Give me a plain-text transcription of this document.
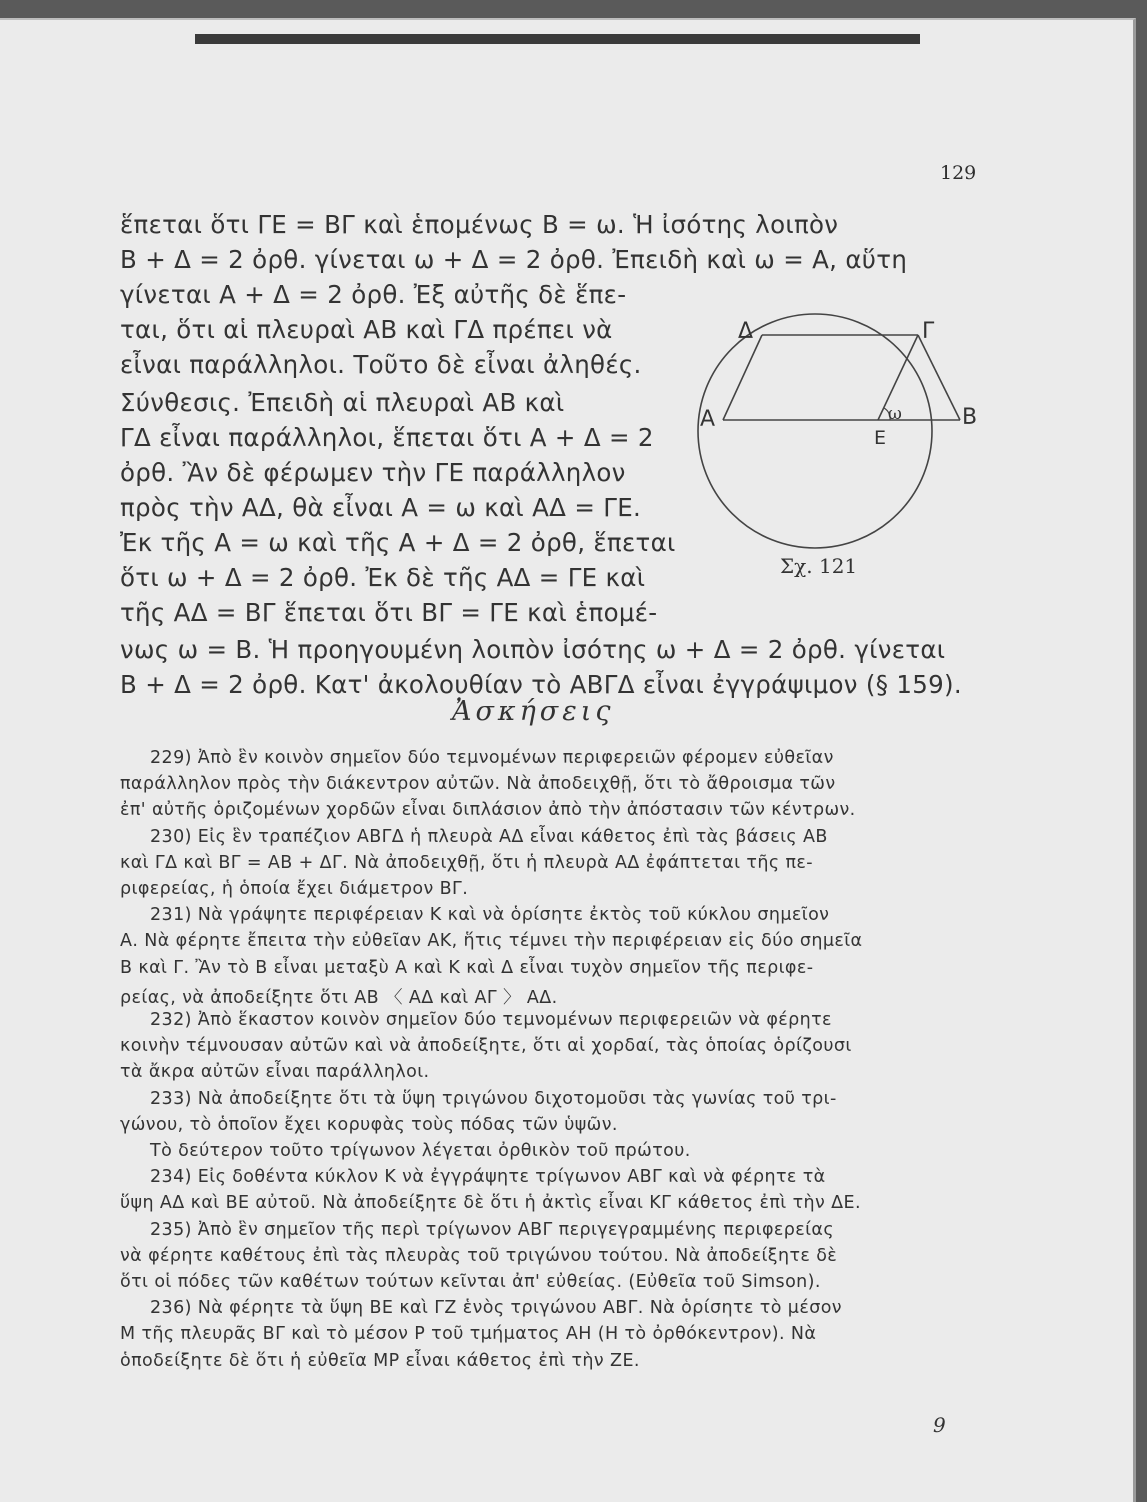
129
ἕπεται ὅτι ΓΕ = ΒΓ καὶ ἑπομένως Β = ω. Ἡ ἰσότης λοιπὸν
Β + Δ = 2 ὀρθ. γίνεται ω + Δ = 2 ὀρθ. Ἐπειδὴ καὶ ω = Α, αὕτη
γίνεται Α + Δ = 2 ὀρθ. Ἐξ αὐτῆς δὲ ἕπε-
ται, ὅτι αἱ πλευραὶ ΑΒ καὶ ΓΔ πρέπει νὰ
εἶναι παράλληλοι. Τοῦτο δὲ εἶναι ἀληθές.
Σύνθεσις. Ἐπειδὴ αἱ πλευραὶ ΑΒ καὶ
ΓΔ εἶναι παράλληλοι, ἕπεται ὅτι Α + Δ = 2
ὀρθ. Ἂν δὲ φέρωμεν τὴν ΓΕ παράλληλον
πρὸς τὴν ΑΔ, θὰ εἶναι Α = ω καὶ ΑΔ = ΓΕ.
Ἐκ τῆς Α = ω καὶ τῆς Α + Δ = 2 ὀρθ, ἕπεται
ὅτι ω + Δ = 2 ὀρθ. Ἐκ δὲ τῆς ΑΔ = ΓΕ καὶ
τῆς ΑΔ = ΒΓ ἕπεται ὅτι ΒΓ = ΓΕ καὶ ἑπομέ-
νως ω = Β. Ἡ προηγουμένη λοιπὸν ἰσότης ω + Δ = 2 ὀρθ. γίνεται
Β + Δ = 2 ὀρθ. Κατ' ἀκολουθίαν τὸ ΑΒΓΔ εἶναι ἐγγράψιμον (§ 159).
Δ	Γ
Α	Β
Ε
ω
Σχ. 121
Ἀσκήσεις
229) Ἀπὸ ἓν κοινὸν σημεῖον δύο τεμνομένων περιφερειῶν φέρομεν εὐθεῖαν
παράλληλον πρὸς τὴν διάκεντρον αὐτῶν. Νὰ ἀποδειχθῇ, ὅτι τὸ ἄθροισμα τῶν
ἐπ' αὐτῆς ὁριζομένων χορδῶν εἶναι διπλάσιον ἀπὸ τὴν ἀπόστασιν τῶν κέντρων.
230) Εἰς ἓν τραπέζιον ΑΒΓΔ ἡ πλευρὰ ΑΔ εἶναι κάθετος ἐπὶ τὰς βάσεις ΑΒ
καὶ ΓΔ καὶ ΒΓ = ΑΒ + ΔΓ. Νὰ ἀποδειχθῇ, ὅτι ἡ πλευρὰ ΑΔ ἐφάπτεται τῆς πε-
ριφερείας, ἡ ὁποία ἔχει διάμετρον ΒΓ.
231) Νὰ γράψητε περιφέρειαν Κ καὶ νὰ ὁρίσητε ἐκτὸς τοῦ κύκλου σημεῖον
Α. Νὰ φέρητε ἔπειτα τὴν εὐθεῖαν ΑΚ, ἥτις τέμνει τὴν περιφέρειαν εἰς δύο σημεῖα
Β καὶ Γ. Ἂν τὸ Β εἶναι μεταξὺ Α καὶ Κ καὶ Δ εἶναι τυχὸν σημεῖον τῆς περιφε-
ρείας, νὰ ἀποδείξητε ὅτι ΑΒ 〈 ΑΔ καὶ ΑΓ 〉 ΑΔ.
232) Ἀπὸ ἕκαστον κοινὸν σημεῖον δύο τεμνομένων περιφερειῶν νὰ φέρητε
κοινὴν τέμνουσαν αὐτῶν καὶ νὰ ἀποδείξητε, ὅτι αἱ χορδαί, τὰς ὁποίας ὁρίζουσι
τὰ ἄκρα αὐτῶν εἶναι παράλληλοι.
233) Νὰ ἀποδείξητε ὅτι τὰ ὕψη τριγώνου διχοτομοῦσι τὰς γωνίας τοῦ τρι-
γώνου, τὸ ὁποῖον ἔχει κορυφὰς τοὺς πόδας τῶν ὑψῶν.
Τὸ δεύτερον τοῦτο τρίγωνον λέγεται ὀρθικὸν τοῦ πρώτου.
234) Εἰς δοθέντα κύκλον Κ νὰ ἐγγράψητε τρίγωνον ΑΒΓ καὶ νὰ φέρητε τὰ
ὕψη ΑΔ καὶ ΒΕ αὐτοῦ. Νὰ ἀποδείξητε δὲ ὅτι ἡ ἀκτὶς εἶναι ΚΓ κάθετος ἐπὶ τὴν ΔΕ.
235) Ἀπὸ ἓν σημεῖον τῆς περὶ τρίγωνον ΑΒΓ περιγεγραμμένης περιφερείας
νὰ φέρητε καθέτους ἐπὶ τὰς πλευρὰς τοῦ τριγώνου τούτου. Νὰ ἀποδείξητε δὲ
ὅτι οἱ πόδες τῶν καθέτων τούτων κεῖνται ἀπ' εὐθείας. (Εὐθεῖα τοῦ Simson).
236) Νὰ φέρητε τὰ ὕψη ΒΕ καὶ ΓΖ ἑνὸς τριγώνου ΑΒΓ. Νὰ ὁρίσητε τὸ μέσον
Μ τῆς πλευρᾶς ΒΓ καὶ τὸ μέσον Ρ τοῦ τμήματος ΑΗ (Η τὸ ὀρθόκεντρον). Νὰ
ὁποδείξητε δὲ ὅτι ἡ εὐθεῖα ΜΡ εἶναι κάθετος ἐπὶ τὴν ΖΕ.
9
